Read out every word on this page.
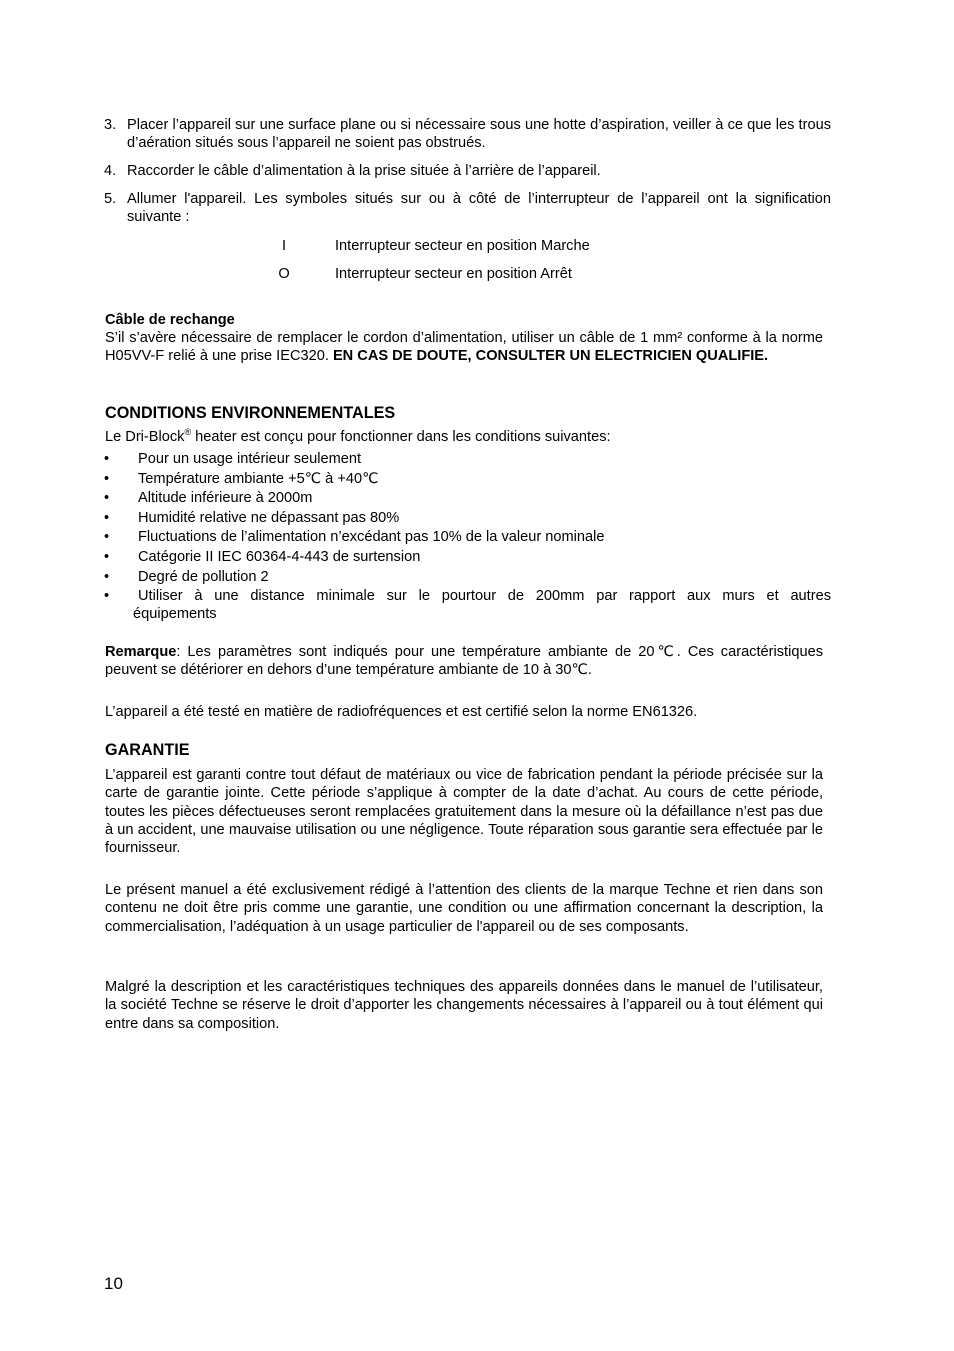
3. Placer l’appareil sur une surface plane ou si nécessaire sous une hotte d’aspiration, veiller à ce que les trous d’aération situés sous l’appareil ne soient pas obstrués.
4. Raccorder le câble d’alimentation à la prise située à l’arrière de l’appareil.
5. Allumer l'appareil. Les symboles situés sur ou à côté de l’interrupteur de l’appareil ont la signification suivante :
I	Interrupteur secteur en position Marche
O	Interrupteur secteur en position Arrêt
Câble de rechange
S’il s’avère nécessaire de remplacer le cordon d’alimentation, utiliser un câble de 1 mm² conforme à la norme H05VV-F relié à une prise IEC320. EN CAS DE DOUTE, CONSULTER UN ELECTRICIEN QUALIFIE.
CONDITIONS ENVIRONNEMENTALES
Le Dri-Block® heater est conçu pour fonctionner dans les conditions suivantes:
• Pour un usage intérieur seulement
• Température ambiante +5℃ à +40℃
• Altitude inférieure à 2000m
• Humidité relative ne dépassant pas 80%
• Fluctuations de l’alimentation n’excédant pas 10% de la valeur nominale
• Catégorie II IEC 60364-4-443 de surtension
• Degré de pollution 2
• Utiliser à une distance minimale sur le pourtour de 200mm par rapport aux murs et autres
équipements
Remarque: Les paramètres sont indiqués pour une température ambiante de 20℃. Ces caractéristiques peuvent se détériorer en dehors d’une température ambiante de 10 à 30℃.
L’appareil a été testé en matière de radiofréquences et est certifié selon la norme EN61326.
GARANTIE
L’appareil est garanti contre tout défaut de matériaux ou vice de fabrication pendant la période précisée sur la carte de garantie jointe. Cette période s’applique à compter de la date d’achat. Au cours de cette période, toutes les pièces défectueuses seront remplacées gratuitement dans la mesure où la défaillance n’est pas due à un accident, une mauvaise utilisation ou une négligence. Toute réparation sous garantie sera effectuée par le fournisseur.
Le présent manuel a été exclusivement rédigé à l’attention des clients de la marque Techne et rien dans son contenu ne doit être pris comme une garantie, une condition ou une affirmation concernant la description, la commercialisation, l’adéquation à un usage particulier de l'appareil ou de ses composants.
Malgré la description et les caractéristiques techniques des appareils données dans le manuel de l’utilisateur, la société Techne se réserve le droit d’apporter les changements nécessaires à l’appareil ou à tout élément qui entre dans sa composition.
10
